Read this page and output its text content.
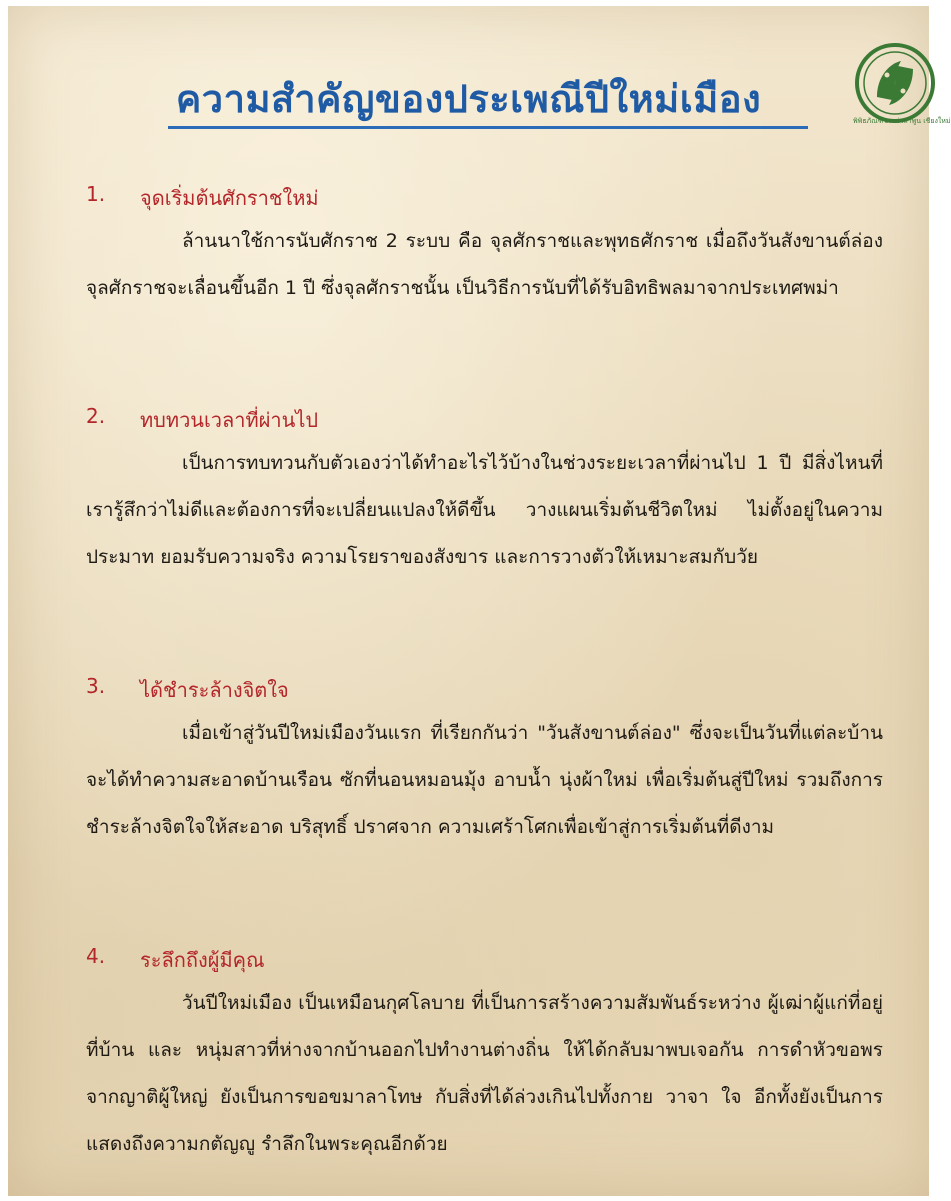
ความสำคัญของประเพณีปีใหม่เมือง	พิพิธภัณฑ์ชนเผ่าลำพูน เชียงใหม่
1. จุดเริ่มต้นศักราชใหม่

ล้านนาใช้การนับศักราช 2 ระบบ คือ จุลศักราชและพุทธศักราช เมื่อถึงวันสังขานต์ล่อง จุลศักราชจะเลื่อนขึ้นอีก 1 ปี ซึ่งจุลศักราชนั้น เป็นวิธีการนับที่ได้รับอิทธิพลมาจากประเทศพม่า

2. ทบทวนเวลาที่ผ่านไป

เป็นการทบทวนกับตัวเองว่าได้ทำอะไรไว้บ้างในช่วงระยะเวลาที่ผ่านไป 1 ปี มีสิ่งไหนที่เรารู้สึกว่าไม่ดีและต้องการที่จะเปลี่ยนแปลงให้ดีขึ้น วางแผนเริ่มต้นชีวิตใหม่ ไม่ตั้งอยู่ในความประมาท ยอมรับความจริง ความโรยราของสังขาร และการวางตัวให้เหมาะสมกับวัย

3. ได้ชำระล้างจิตใจ

เมื่อเข้าสู่วันปีใหม่เมืองวันแรก ที่เรียกกันว่า "วันสังขานต์ล่อง" ซึ่งจะเป็นวันที่แต่ละบ้านจะได้ทำความสะอาดบ้านเรือน ซักที่นอนหมอนมุ้ง อาบน้ำ นุ่งผ้าใหม่ เพื่อเริ่มต้นสู่ปีใหม่ รวมถึงการชำระล้างจิตใจให้สะอาด บริสุทธิ์ ปราศจาก ความเศร้าโศกเพื่อเข้าสู่การเริ่มต้นที่ดีงาม

4. ระลึกถึงผู้มีคุณ

วันปีใหม่เมือง เป็นเหมือนกุศโลบาย ที่เป็นการสร้างความสัมพันธ์ระหว่าง ผู้เฒ่าผู้แก่ที่อยู่ที่บ้าน และ หนุ่มสาวที่ห่างจากบ้านออกไปทำงานต่างถิ่น ให้ได้กลับมาพบเจอกัน การดำหัวขอพรจากญาติผู้ใหญ่ ยังเป็นการขอขมาลาโทษ กับสิ่งที่ได้ล่วงเกินไปทั้งกาย วาจา ใจ อีกทั้งยังเป็นการแสดงถึงความกตัญญู รำลึกในพระคุณอีกด้วย
